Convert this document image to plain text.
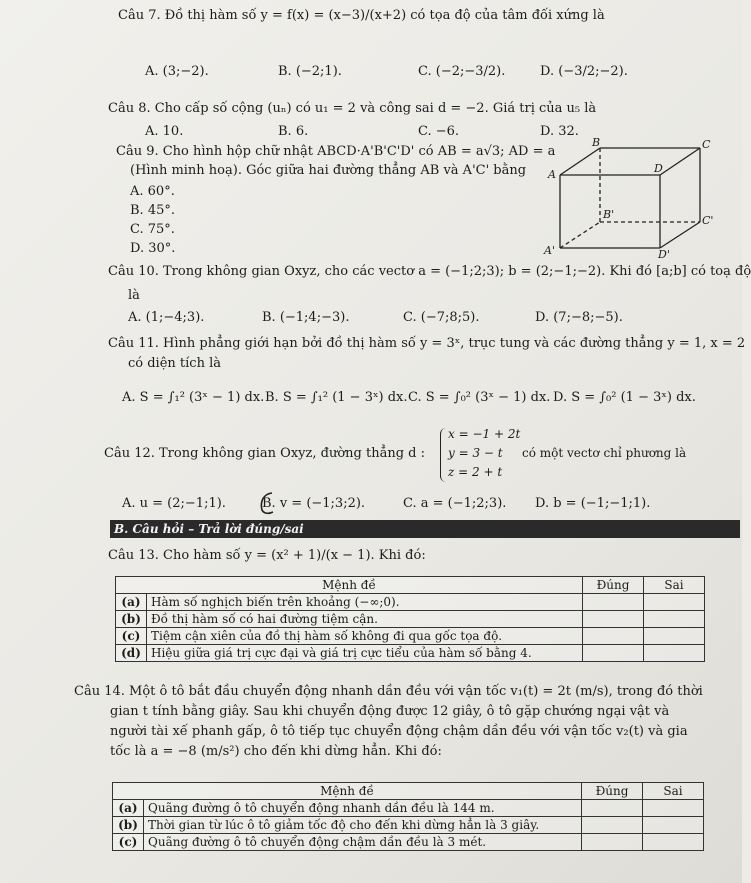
Câu 7. Đồ thị hàm số y = f(x) = (x−3)/(x+2) có tọa độ của tâm đối xứng là
A. (3;−2).	B. (−2;1).	C. (−2;−3/2).	D. (−3/2;−2).
Câu 8. Cho cấp số cộng (uₙ) có u₁ = 2 và công sai d = −2. Giá trị của u₅ là
A. 10.	B. 6.	C. −6.	D. 32.
Câu 9. Cho hình hộp chữ nhật ABCD·A'B'C'D' có AB = a√3; AD = a
(Hình minh hoạ). Góc giữa hai đường thẳng AB và A'C' bằng
A. 60°.
B. 45°.
C. 75°.
D. 30°.
B	C
A	D
B'	C'
A'	D'
Câu 10. Trong không gian Oxyz, cho các vectơ a = (−1;2;3); b = (2;−1;−2). Khi đó [a;b] có toạ độ
là
A. (1;−4;3).	B. (−1;4;−3).	C. (−7;8;5).	D. (7;−8;−5).
Câu 11. Hình phẳng giới hạn bởi đồ thị hàm số y = 3ˣ, trục tung và các đường thẳng y = 1, x = 2
có diện tích là
A. S = ∫₁² (3ˣ − 1) dx. B. S = ∫₁² (1 − 3ˣ) dx. C. S = ∫₀² (3ˣ − 1) dx. D. S = ∫₀² (1 − 3ˣ) dx.
Câu 12. Trong không gian Oxyz, đường thẳng d :
x = −1 + 2t
y = 3 − t
z = 2 + t
có một vectơ chỉ phương là
A. u = (2;−1;1).	B. v = (−1;3;2).	C. a = (−1;2;3). D. b = (−1;−1;1).
B. Câu hỏi – Trả lời đúng/sai
Câu 13. Cho hàm số y = (x² + 1)/(x − 1). Khi đó:
Mệnh đề		Đúng	Sai
(a)	Hàm số nghịch biến trên khoảng (−∞;0).		
(b)	Đồ thị hàm số có hai đường tiệm cận.		
(c)	Tiệm cận xiên của đồ thị hàm số không đi qua gốc tọa độ.		
(d)	Hiệu giữa giá trị cực đại và giá trị cực tiểu của hàm số bằng 4.		
Câu 14. Một ô tô bắt đầu chuyển động nhanh dần đều với vận tốc v₁(t) = 2t (m/s), trong đó thời
gian t tính bằng giây. Sau khi chuyển động được 12 giây, ô tô gặp chướng ngại vật và
người tài xế phanh gấp, ô tô tiếp tục chuyển động chậm dần đều với vận tốc v₂(t) và gia
tốc là a = −8 (m/s²) cho đến khi dừng hẳn. Khi đó:
Mệnh đề		Đúng	Sai
(a)	Quãng đường ô tô chuyển động nhanh dần đều là 144 m.		
(b)	Thời gian từ lúc ô tô giảm tốc độ cho đến khi dừng hẳn là 3 giây.		
(c)	Quãng đường ô tô chuyển động chậm dần đều là 3 mét.		
